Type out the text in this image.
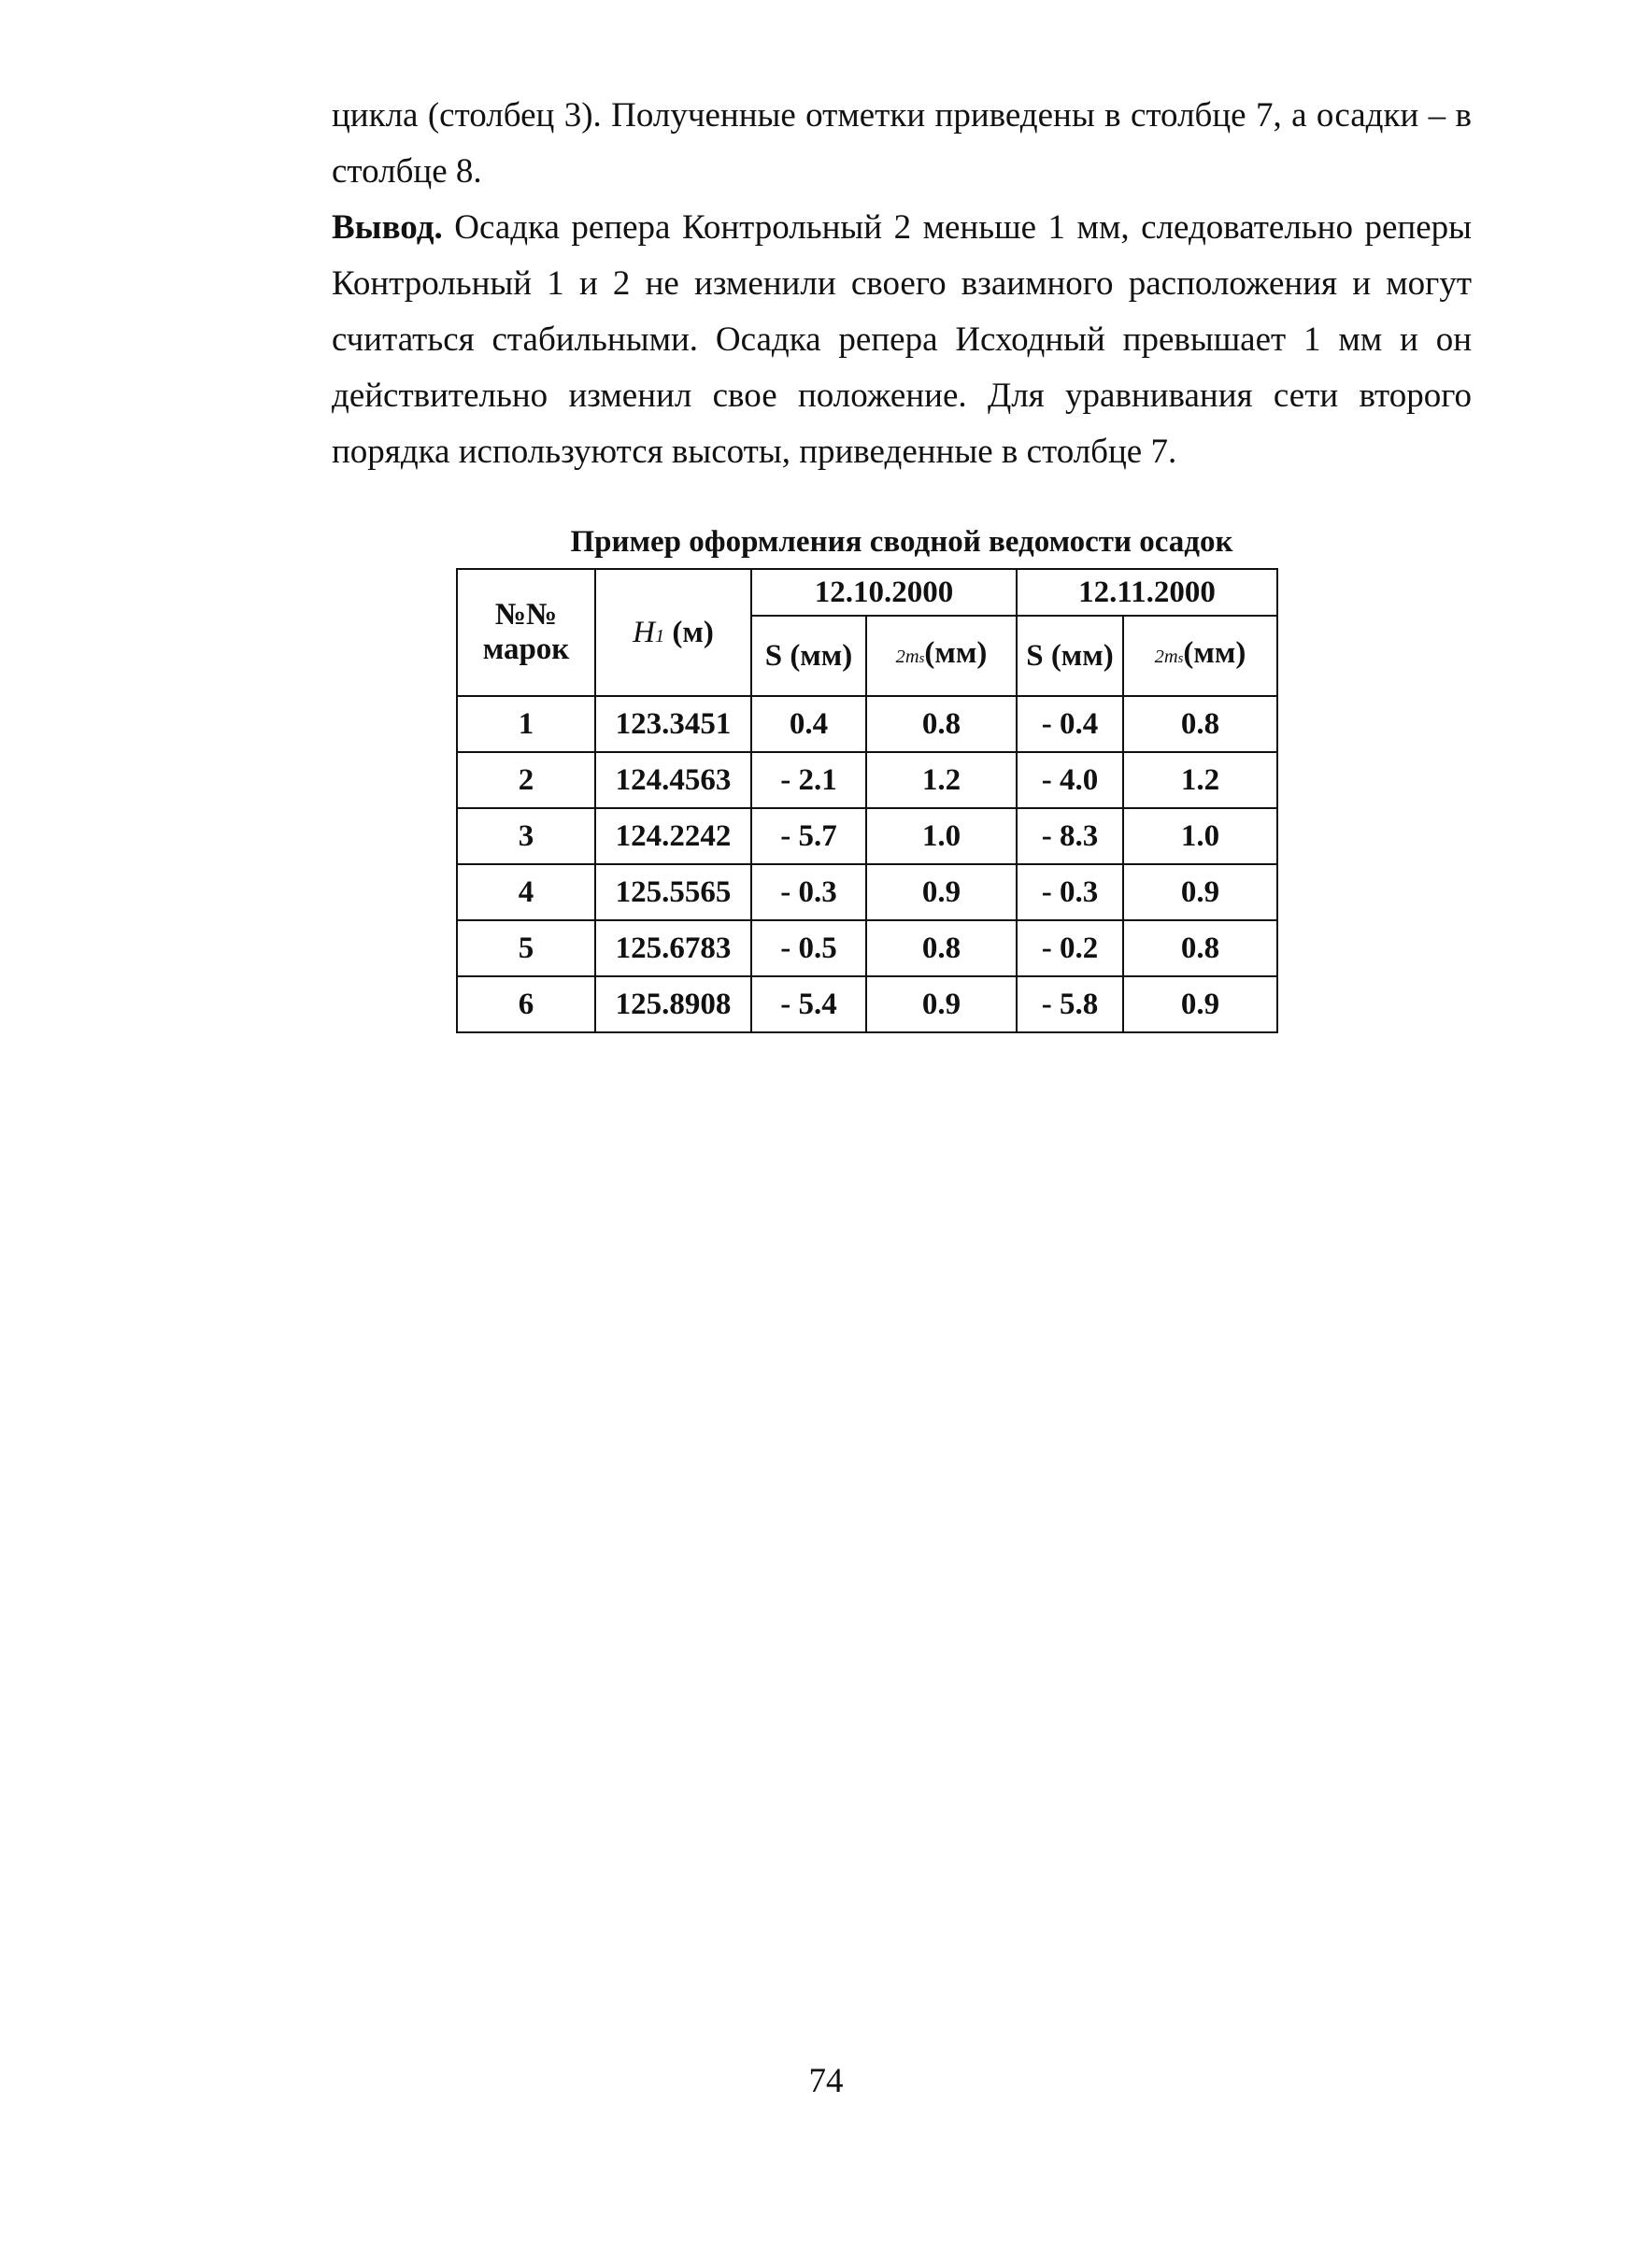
цикла (столбец 3). Полученные отметки приведены в столбце 7, а осадки – в столбце 8.

Вывод. Осадка репера Контрольный 2 меньше 1 мм, следовательно реперы Контрольный 1 и 2 не изменили своего взаимного расположения и могут считаться стабильными. Осадка репера Исходный превышает 1 мм и он действительно изменил свое положение. Для уравнивания сети второго порядка используются высоты, приведенные в столбце 7.

Пример оформления сводной ведомости осадок

№№ марок	H1 (м)	12.10.2000		12.11.2000	
		S (мм)	2ms(мм)	S (мм)	2ms(мм)
1	123.3451	0.4	0.8	- 0.4	0.8
2	124.4563	- 2.1	1.2	- 4.0	1.2
3	124.2242	- 5.7	1.0	- 8.3	1.0
4	125.5565	- 0.3	0.9	- 0.3	0.9
5	125.6783	- 0.5	0.8	- 0.2	0.8
6	125.8908	- 5.4	0.9	- 5.8	0.9

74
